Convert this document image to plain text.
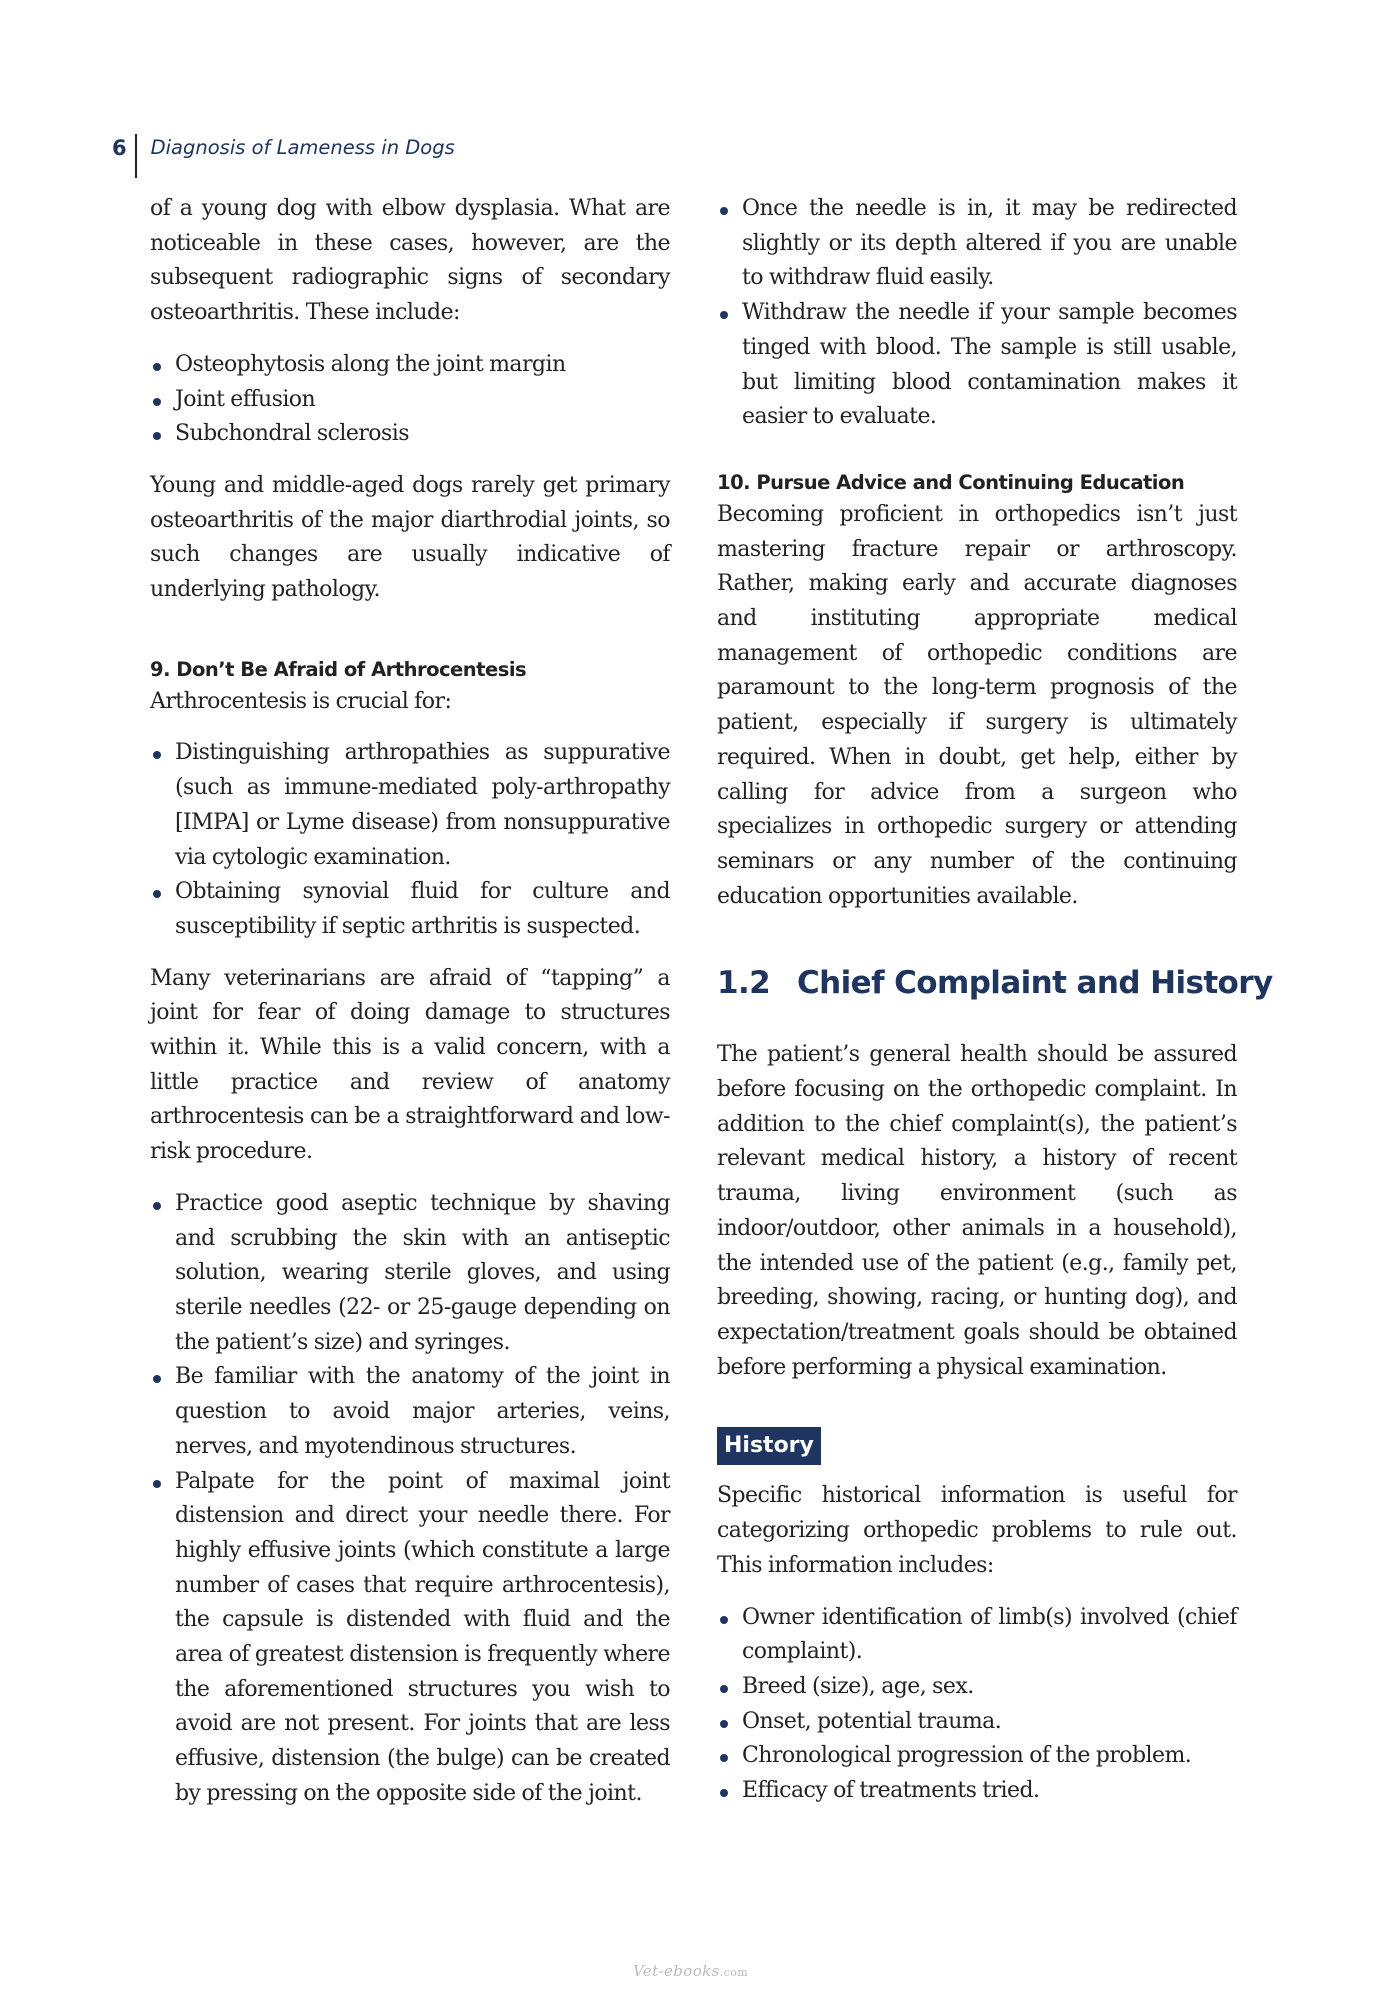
6 Diagnosis of Lameness in Dogs

of a young dog with elbow dysplasia. What are noticeable in these cases, however, are the subsequent radiographic signs of secondary osteoarthritis. These include:

Osteophytosis along the joint margin
Joint effusion
Subchondral sclerosis

Young and middle-aged dogs rarely get primary osteoarthritis of the major diarthrodial joints, so such changes are usually indicative of underlying pathology.

9. Don’t Be Afraid of Arthrocentesis

Arthrocentesis is crucial for:

Distinguishing arthropathies as suppurative (such as immune-mediated poly-arthropathy [IMPA] or Lyme disease) from nonsuppurative via cytologic examination.
Obtaining synovial fluid for culture and susceptibility if septic arthritis is suspected.

Many veterinarians are afraid of “tapping” a joint for fear of doing damage to structures within it. While this is a valid concern, with a little practice and review of anatomy arthrocentesis can be a straightforward and low-risk procedure.

Practice good aseptic technique by shaving and scrubbing the skin with an antiseptic solution, wearing sterile gloves, and using sterile needles (22- or 25-gauge depending on the patient’s size) and syringes.
Be familiar with the anatomy of the joint in question to avoid major arteries, veins, nerves, and myotendinous structures.
Palpate for the point of maximal joint distension and direct your needle there. For highly effusive joints (which constitute a large number of cases that require arthrocentesis), the capsule is distended with fluid and the area of greatest distension is frequently where the aforementioned structures you wish to avoid are not present. For joints that are less effusive, distension (the bulge) can be created by pressing on the opposite side of the joint.
Once the needle is in, it may be redirected slightly or its depth altered if you are unable to withdraw fluid easily.
Withdraw the needle if your sample becomes tinged with blood. The sample is still usable, but limiting blood contamination makes it easier to evaluate.
10. Pursue Advice and Continuing Education

Becoming proficient in orthopedics isn’t just mastering fracture repair or arthroscopy. Rather, making early and accurate diagnoses and instituting appropriate medical management of orthopedic conditions are paramount to the long-term prognosis of the patient, especially if surgery is ultimately required. When in doubt, get help, either by calling for advice from a surgeon who specializes in orthopedic surgery or attending seminars or any number of the continuing education opportunities available.

1.2 Chief Complaint and History

The patient’s general health should be assured before focusing on the orthopedic complaint. In addition to the chief complaint(s), the patient’s relevant medical history, a history of recent trauma, living environment (such as indoor/outdoor, other animals in a household), the intended use of the patient (e.g., family pet, breeding, showing, racing, or hunting dog), and expectation/treatment goals should be obtained before performing a physical examination.

History

Specific historical information is useful for categorizing orthopedic problems to rule out. This information includes:

Owner identification of limb(s) involved (chief complaint).
Breed (size), age, sex.
Onset, potential trauma.
Chronological progression of the problem.
Efficacy of treatments tried.
Vet-ebooks.com
